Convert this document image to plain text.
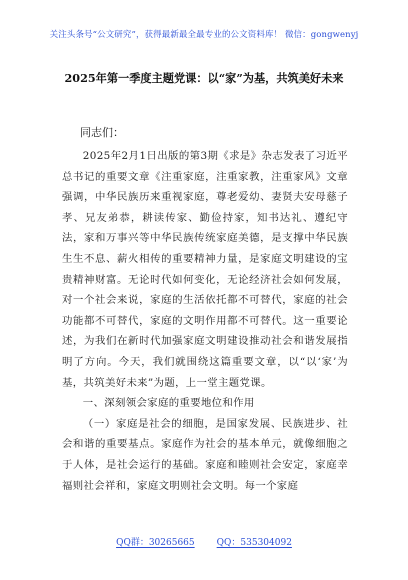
关注头条号“公文研究”，获得最新最全最专业的公文资料库！ 微信：gongwenyj
2025年第一季度主题党课：以“家”为基，共筑美好未来
同志们：

2025年2月1日出版的第3期《求是》杂志发表了习近平总书记的重要文章《注重家庭，注重家教，注重家风》文章强调，中华民族历来重视家庭，尊老爱幼、妻贤夫安母慈子孝、兄友弟恭，耕读传家、勤俭持家，知书达礼、遵纪守法，家和万事兴等中华民族传统家庭美德，是支撑中华民族生生不息、薪火相传的重要精神力量，是家庭文明建设的宝贵精神财富。无论时代如何变化，无论经济社会如何发展，对一个社会来说，家庭的生活依托都不可替代，家庭的社会功能都不可替代，家庭的文明作用都不可替代。这一重要论述，为我们在新时代加强家庭文明建设推动社会和谐发展指明了方向。今天，我们就围绕这篇重要文章，以“以‘家’为基，共筑美好未来”为题，上一堂主题党课。

一、深刻领会家庭的重要地位和作用

（一）家庭是社会的细胞，是国家发展、民族进步、社会和谐的重要基点。家庭作为社会的基本单元，就像细胞之于人体，是社会运行的基础。家庭和睦则社会安定，家庭幸福则社会祥和，家庭文明则社会文明。每一个家庭

QQ群：30265665 QQ：535304092
